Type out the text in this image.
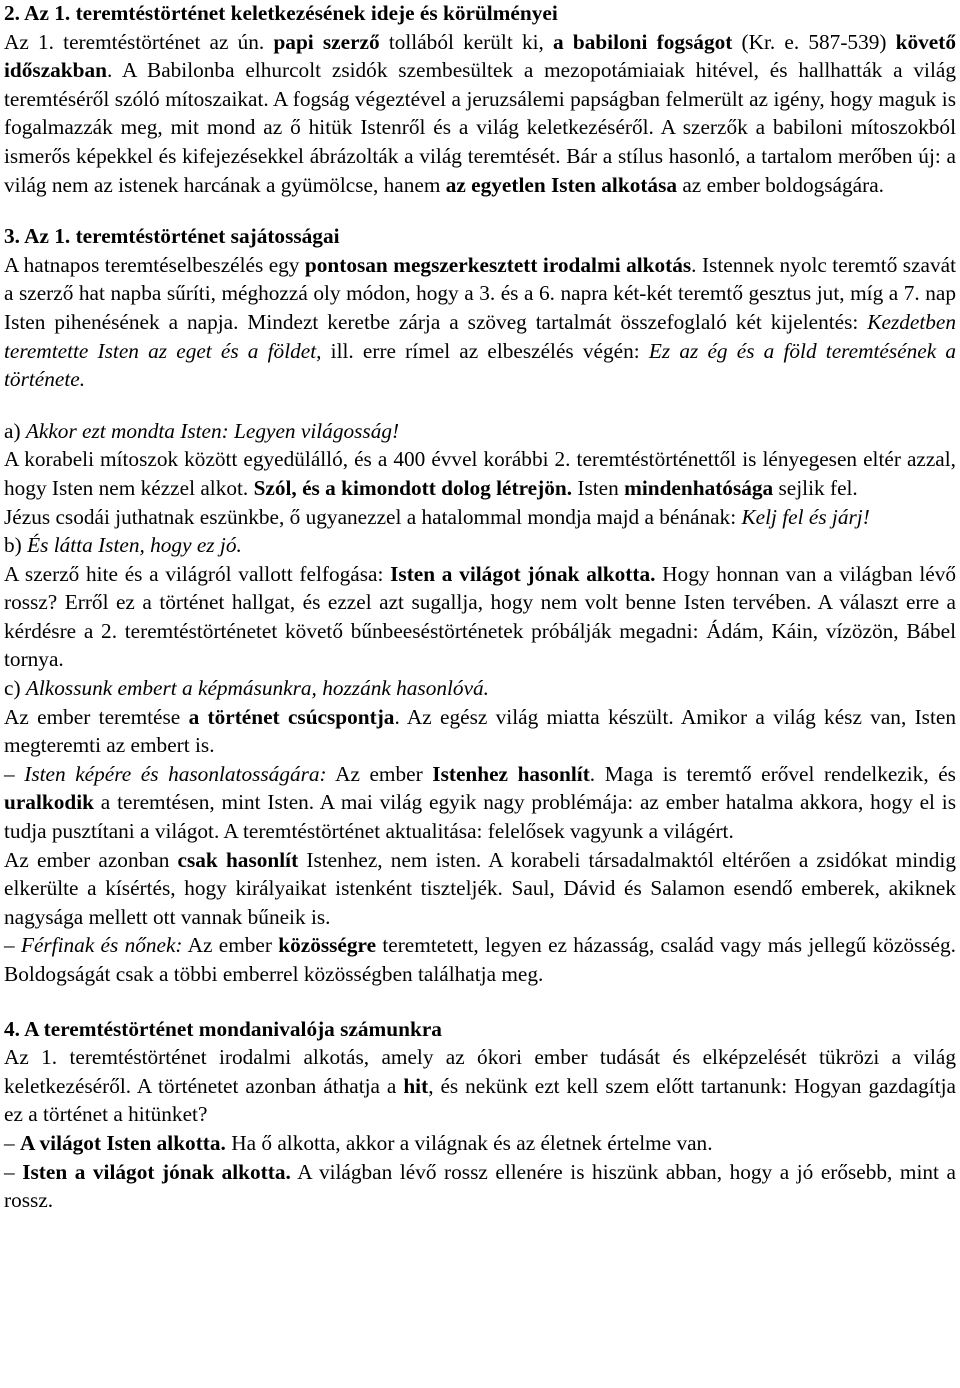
2. Az 1. teremtéstörténet keletkezésének ideje és körülményei

Az 1. teremtéstörténet az ún. papi szerző tollából került ki, a babiloni fogságot (Kr. e. 587-539) követő időszakban. A Babilonba elhurcolt zsidók szembesültek a mezopotámiaiak hitével, és hallhatták a világ teremtéséről szóló mítoszaikat. A fogság végeztével a jeruzsálemi papságban felmerült az igény, hogy maguk is fogalmazzák meg, mit mond az ő hitük Istenről és a világ keletkezéséről. A szerzők a babiloni mítoszokból ismerős képekkel és kifejezésekkel ábrázolták a világ teremtését. Bár a stílus hasonló, a tartalom merőben új: a világ nem az istenek harcának a gyümölcse, hanem az egyetlen Isten alkotása az ember boldogságára.

3. Az 1. teremtéstörténet sajátosságai

A hatnapos teremtéselbeszélés egy pontosan megszerkesztett irodalmi alkotás. Istennek nyolc teremtő szavát a szerző hat napba sűríti, méghozzá oly módon, hogy a 3. és a 6. napra két-két teremtő gesztus jut, míg a 7. nap Isten pihenésének a napja. Mindezt keretbe zárja a szöveg tartalmát összefoglaló két kijelentés: Kezdetben teremtette Isten az eget és a földet, ill. erre rímel az elbeszélés végén: Ez az ég és a föld teremtésének a története.

a) Akkor ezt mondta Isten: Legyen világosság!

A korabeli mítoszok között egyedülálló, és a 400 évvel korábbi 2. teremtéstörténettől is lényegesen eltér azzal, hogy Isten nem kézzel alkot. Szól, és a kimondott dolog létrejön. Isten mindenhatósága sejlik fel.

Jézus csodái juthatnak eszünkbe, ő ugyanezzel a hatalommal mondja majd a bénának: Kelj fel és járj!

b) És látta Isten, hogy ez jó.

A szerző hite és a világról vallott felfogása: Isten a világot jónak alkotta. Hogy honnan van a világban lévő rossz? Erről ez a történet hallgat, és ezzel azt sugallja, hogy nem volt benne Isten tervében. A választ erre a kérdésre a 2. teremtéstörténetet követő bűnbeeséstörténetek próbálják megadni: Ádám, Káin, vízözön, Bábel tornya.

c) Alkossunk embert a képmásunkra, hozzánk hasonlóvá.

Az ember teremtése a történet csúcspontja. Az egész világ miatta készült. Amikor a világ kész van, Isten megteremti az embert is.

– Isten képére és hasonlatosságára: Az ember Istenhez hasonlít. Maga is teremtő erővel rendelkezik, és uralkodik a teremtésen, mint Isten. A mai világ egyik nagy problémája: az ember hatalma akkora, hogy el is tudja pusztítani a világot. A teremtéstörténet aktualitása: felelősek vagyunk a világért.

Az ember azonban csak hasonlít Istenhez, nem isten. A korabeli társadalmaktól eltérően a zsidókat mindig elkerülte a kísértés, hogy királyaikat istenként tiszteljék. Saul, Dávid és Salamon esendő emberek, akiknek nagysága mellett ott vannak bűneik is.

– Férfinak és nőnek: Az ember közösségre teremtetett, legyen ez házasság, család vagy más jellegű közösség. Boldogságát csak a többi emberrel közösségben találhatja meg.

4. A teremtéstörténet mondanivalója számunkra

Az 1. teremtéstörténet irodalmi alkotás, amely az ókori ember tudását és elképzelését tükrözi a világ keletkezéséről. A történetet azonban áthatja a hit, és nekünk ezt kell szem előtt tartanunk: Hogyan gazdagítja ez a történet a hitünket?

– A világot Isten alkotta. Ha ő alkotta, akkor a világnak és az életnek értelme van.

– Isten a világot jónak alkotta. A világban lévő rossz ellenére is hiszünk abban, hogy a jó erősebb, mint a rossz.
